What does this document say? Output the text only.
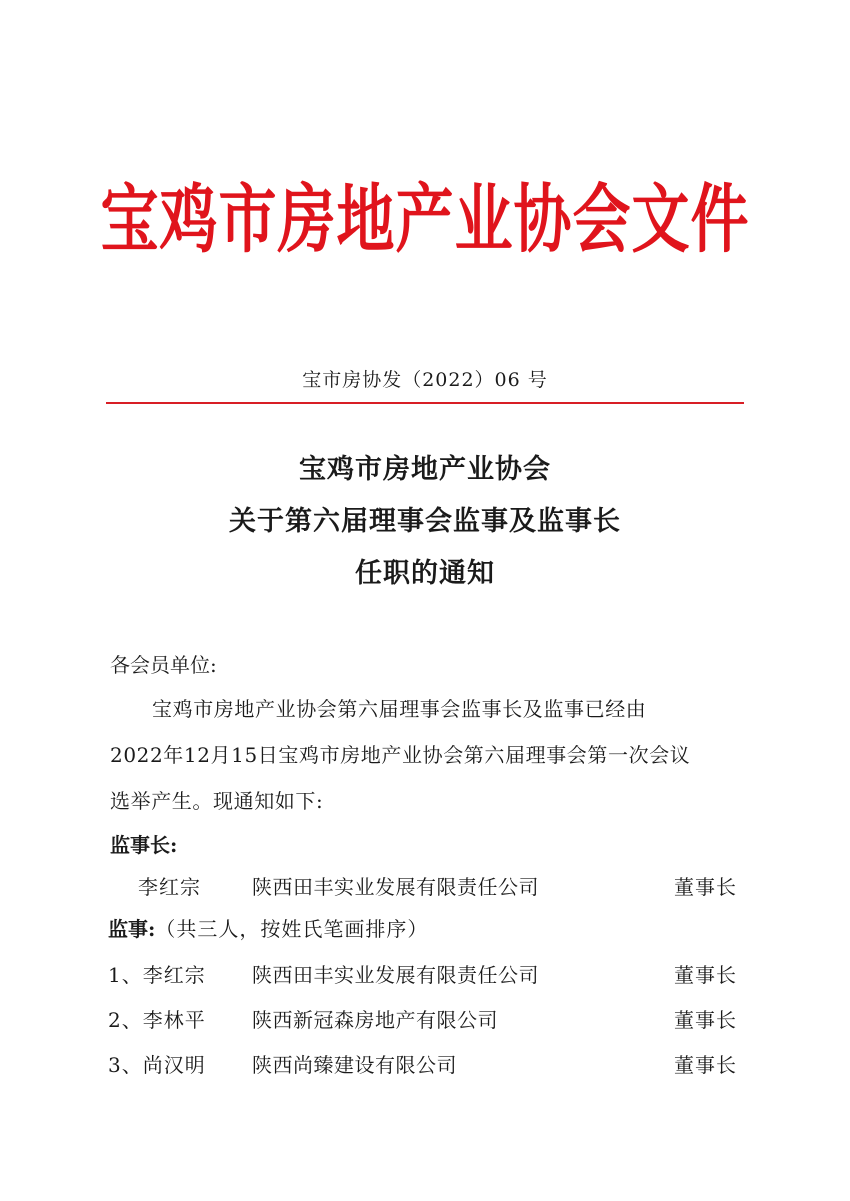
宝鸡市房地产业协会文件
宝市房协发（2022）06 号
宝鸡市房地产业协会
关于第六届理事会监事及监事长
任职的通知
各会员单位:
宝鸡市房地产业协会第六届理事会监事长及监事已经由
2022年12月15日宝鸡市房地产业协会第六届理事会第一次会议
选举产生。现通知如下:
监事长:
李红宗	陕西田丰实业发展有限责任公司	董事长
监事:（共三人，按姓氏笔画排序）
1、李红宗 陕西田丰实业发展有限责任公司	董事长
2、李林平 陕西新冠森房地产有限公司	董事长
3、尚汉明 陕西尚臻建设有限公司	董事长
